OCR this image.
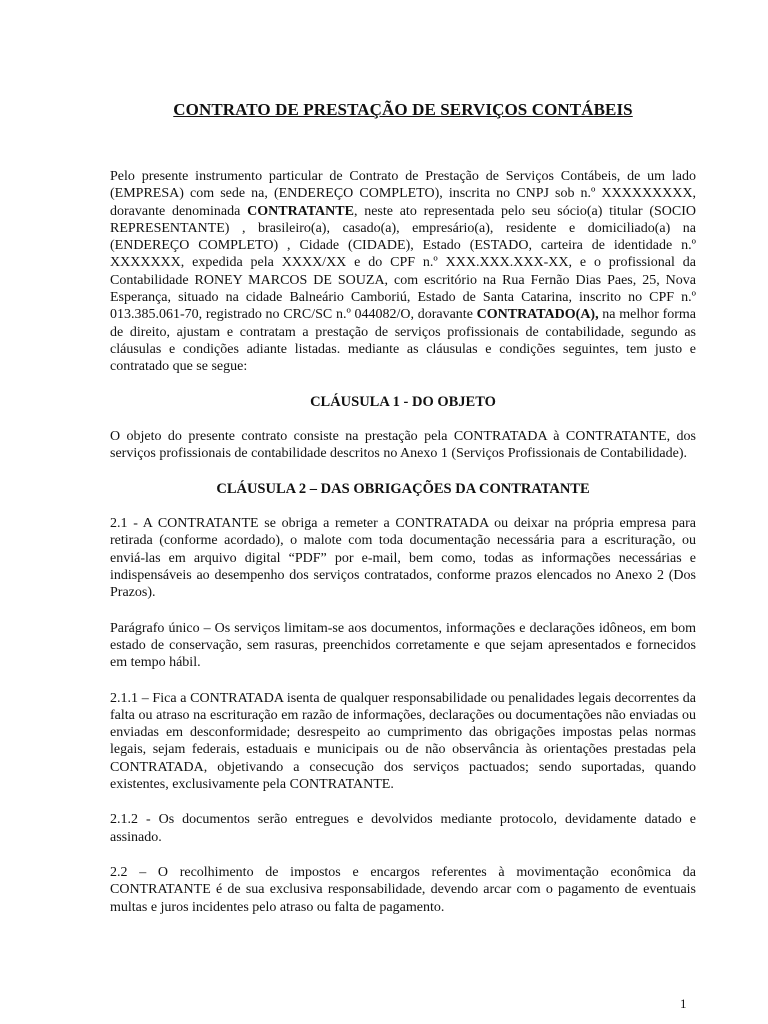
CONTRATO DE PRESTAÇÃO DE SERVIÇOS CONTÁBEIS

Pelo presente instrumento particular de Contrato de Prestação de Serviços Contábeis, de um lado (EMPRESA) com sede na, (ENDEREÇO COMPLETO), inscrita no CNPJ sob n.º XXXXXXXXX, doravante denominada CONTRATANTE, neste ato representada pelo seu sócio(a) titular (SOCIO REPRESENTANTE) , brasileiro(a), casado(a), empresário(a), residente e domiciliado(a) na (ENDEREÇO COMPLETO) , Cidade (CIDADE), Estado (ESTADO, carteira de identidade n.º XXXXXXX, expedida pela XXXX/XX e do CPF n.º XXX.XXX.XXX-XX, e o profissional da Contabilidade RONEY MARCOS DE SOUZA, com escritório na Rua Fernão Dias Paes, 25, Nova Esperança, situado na cidade Balneário Camboriú, Estado de Santa Catarina, inscrito no CPF n.º 013.385.061-70, registrado no CRC/SC n.º 044082/O, doravante CONTRATADO(A), na melhor forma de direito, ajustam e contratam a prestação de serviços profissionais de contabilidade, segundo as cláusulas e condições adiante listadas. mediante as cláusulas e condições seguintes, tem justo e contratado que se segue:

CLÁUSULA 1 - DO OBJETO

O objeto do presente contrato consiste na prestação pela CONTRATADA à CONTRATANTE, dos serviços profissionais de contabilidade descritos no Anexo 1 (Serviços Profissionais de Contabilidade).

CLÁUSULA 2 – DAS OBRIGAÇÕES DA CONTRATANTE

2.1 - A CONTRATANTE se obriga a remeter a CONTRATADA ou deixar na própria empresa para retirada (conforme acordado), o malote com toda documentação necessária para a escrituração, ou enviá-las em arquivo digital “PDF” por e-mail, bem como, todas as informações necessárias e indispensáveis ao desempenho dos serviços contratados, conforme prazos elencados no Anexo 2 (Dos Prazos).

Parágrafo único – Os serviços limitam-se aos documentos, informações e declarações idôneos, em bom estado de conservação, sem rasuras, preenchidos corretamente e que sejam apresentados e fornecidos em tempo hábil.

2.1.1 – Fica a CONTRATADA isenta de qualquer responsabilidade ou penalidades legais decorrentes da falta ou atraso na escrituração em razão de informações, declarações ou documentações não enviadas ou enviadas em desconformidade; desrespeito ao cumprimento das obrigações impostas pelas normas legais, sejam federais, estaduais e municipais ou de não observância às orientações prestadas pela CONTRATADA, objetivando a consecução dos serviços pactuados; sendo suportadas, quando existentes, exclusivamente pela CONTRATANTE.

2.1.2 - Os documentos serão entregues e devolvidos mediante protocolo, devidamente datado e assinado.

2.2 – O recolhimento de impostos e encargos referentes à movimentação econômica da CONTRATANTE é de sua exclusiva responsabilidade, devendo arcar com o pagamento de eventuais multas e juros incidentes pelo atraso ou falta de pagamento.

1
